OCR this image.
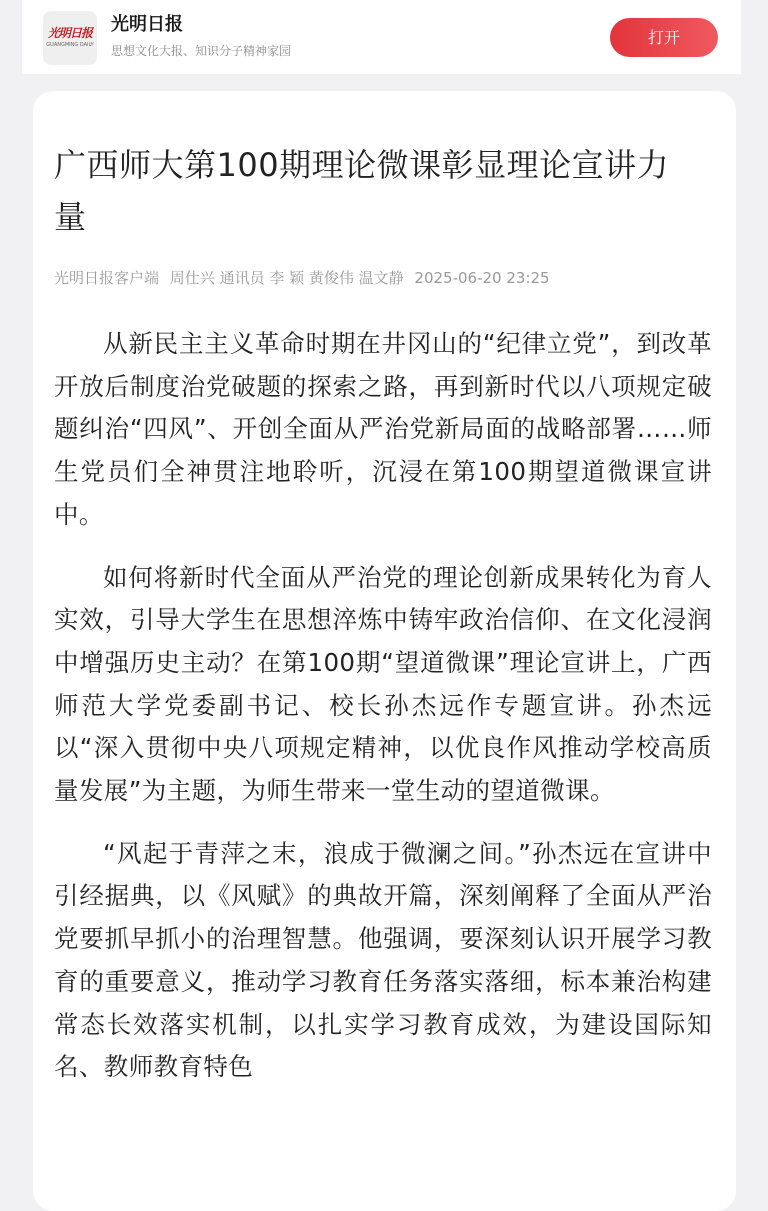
光明日报
GUANGMING DAILY
光明日报
思想文化大报、知识分子精神家园
打开
广西师大第100期理论微课彰显理论宣讲力量
光明日报客户端 周仕兴 通讯员 李 颖 黄俊伟 温文静 2025-06-20 23:25

从新民主主义革命时期在井冈山的“纪律立党”，到改革开放后制度治党破题的探索之路，再到新时代以八项规定破题纠治“四风”、开创全面从严治党新局面的战略部署……师生党员们全神贯注地聆听，沉浸在第100期望道微课宣讲中。

如何将新时代全面从严治党的理论创新成果转化为育人实效，引导大学生在思想淬炼中铸牢政治信仰、在文化浸润中增强历史主动？在第100期“望道微课”理论宣讲上，广西师范大学党委副书记、校长孙杰远作专题宣讲。孙杰远以“深入贯彻中央八项规定精神，以优良作风推动学校高质量发展”为主题，为师生带来一堂生动的望道微课。

“风起于青萍之末，浪成于微澜之间。”孙杰远在宣讲中引经据典，以《风赋》的典故开篇，深刻阐释了全面从严治党要抓早抓小的治理智慧。他强调，要深刻认识开展学习教育的重要意义，推动学习教育任务落实落细，标本兼治构建常态长效落实机制，以扎实学习教育成效，为建设国际知名、教师教育特色
